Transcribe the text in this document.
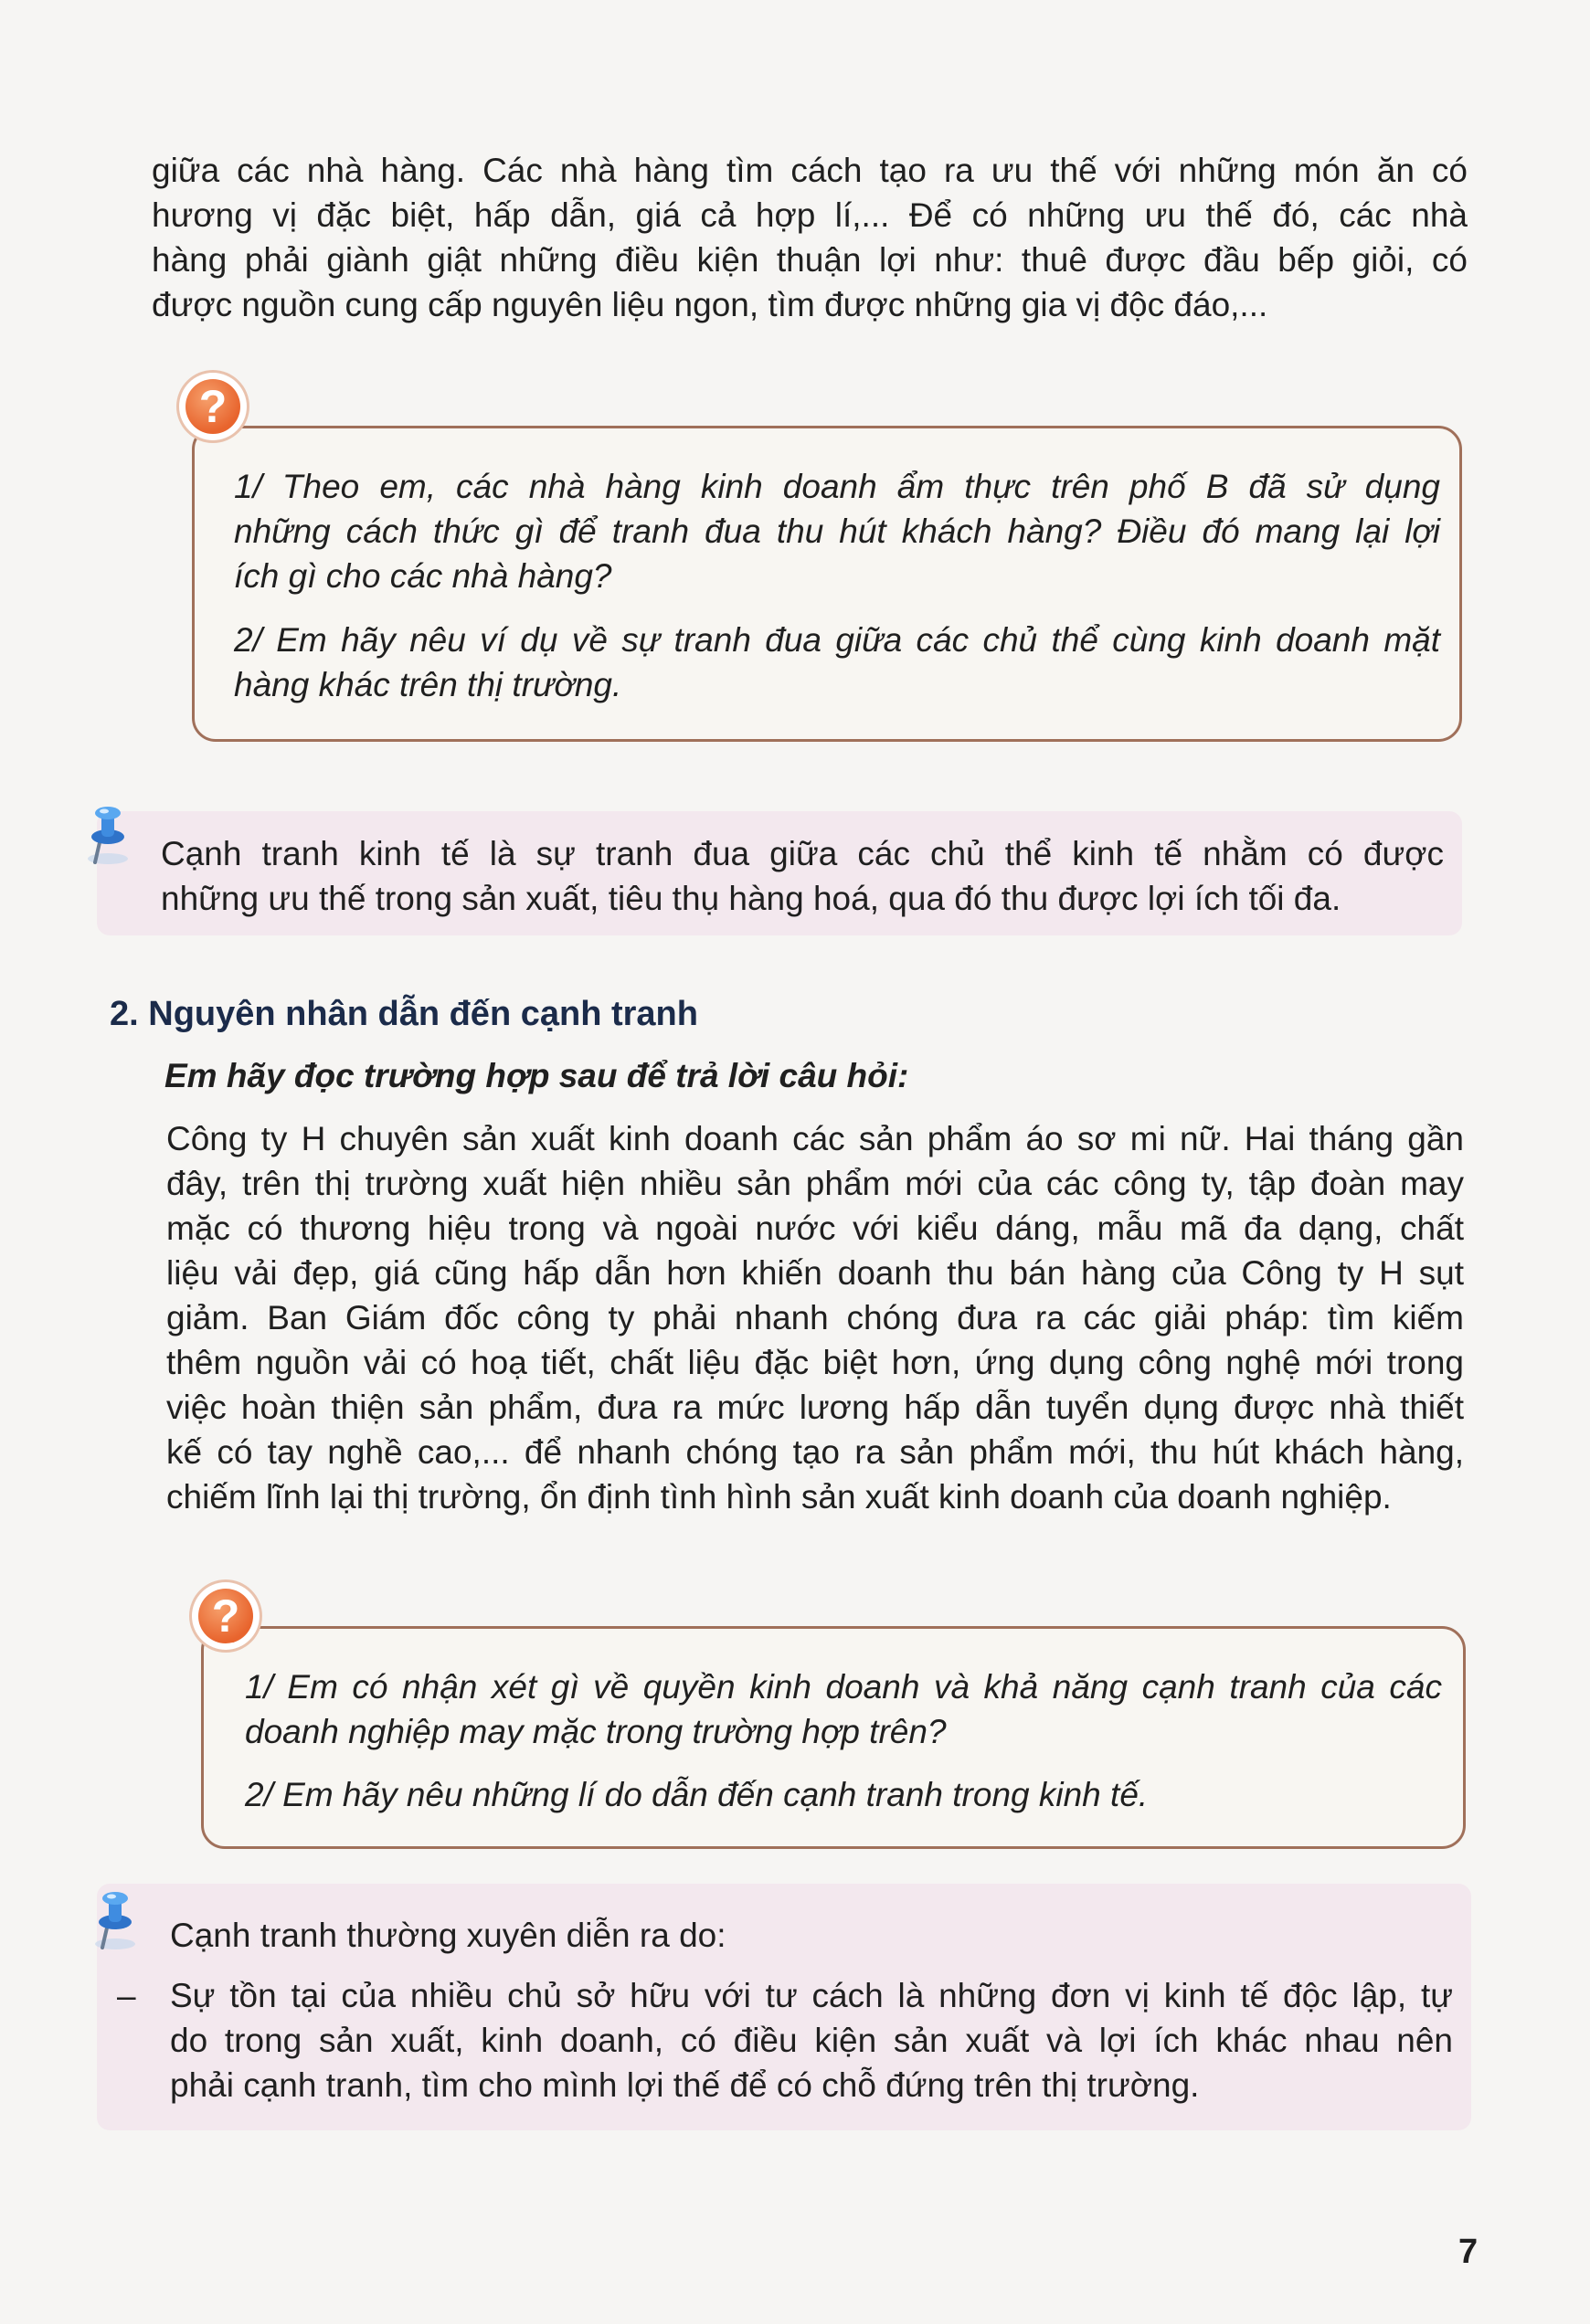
giữa các nhà hàng. Các nhà hàng tìm cách tạo ra ưu thế với những món ăn có
hương vị đặc biệt, hấp dẫn, giá cả hợp lí,... Để có những ưu thế đó, các nhà
hàng phải giành giật những điều kiện thuận lợi như: thuê được đầu bếp giỏi, có
được nguồn cung cấp nguyên liệu ngon, tìm được những gia vị độc đáo,...
?
1/ Theo em, các nhà hàng kinh doanh ẩm thực trên phố B đã sử dụng
những cách thức gì để tranh đua thu hút khách hàng? Điều đó mang lại lợi
ích gì cho các nhà hàng?
2/ Em hãy nêu ví dụ về sự tranh đua giữa các chủ thể cùng kinh doanh mặt
hàng khác trên thị trường.
Cạnh tranh kinh tế là sự tranh đua giữa các chủ thể kinh tế nhằm có được
những ưu thế trong sản xuất, tiêu thụ hàng hoá, qua đó thu được lợi ích tối đa.
2. Nguyên nhân dẫn đến cạnh tranh
Em hãy đọc trường hợp sau để trả lời câu hỏi:
Công ty H chuyên sản xuất kinh doanh các sản phẩm áo sơ mi nữ. Hai tháng gần
đây, trên thị trường xuất hiện nhiều sản phẩm mới của các công ty, tập đoàn may
mặc có thương hiệu trong và ngoài nước với kiểu dáng, mẫu mã đa dạng, chất
liệu vải đẹp, giá cũng hấp dẫn hơn khiến doanh thu bán hàng của Công ty H sụt
giảm. Ban Giám đốc công ty phải nhanh chóng đưa ra các giải pháp: tìm kiếm
thêm nguồn vải có hoạ tiết, chất liệu đặc biệt hơn, ứng dụng công nghệ mới trong
việc hoàn thiện sản phẩm, đưa ra mức lương hấp dẫn tuyển dụng được nhà thiết
kế có tay nghề cao,... để nhanh chóng tạo ra sản phẩm mới, thu hút khách hàng,
chiếm lĩnh lại thị trường, ổn định tình hình sản xuất kinh doanh của doanh nghiệp.
?
1/ Em có nhận xét gì về quyền kinh doanh và khả năng cạnh tranh của các
doanh nghiệp may mặc trong trường hợp trên?
2/ Em hãy nêu những lí do dẫn đến cạnh tranh trong kinh tế.
Cạnh tranh thường xuyên diễn ra do:
– Sự tồn tại của nhiều chủ sở hữu với tư cách là những đơn vị kinh tế độc lập, tự
do trong sản xuất, kinh doanh, có điều kiện sản xuất và lợi ích khác nhau nên
phải cạnh tranh, tìm cho mình lợi thế để có chỗ đứng trên thị trường.
7
